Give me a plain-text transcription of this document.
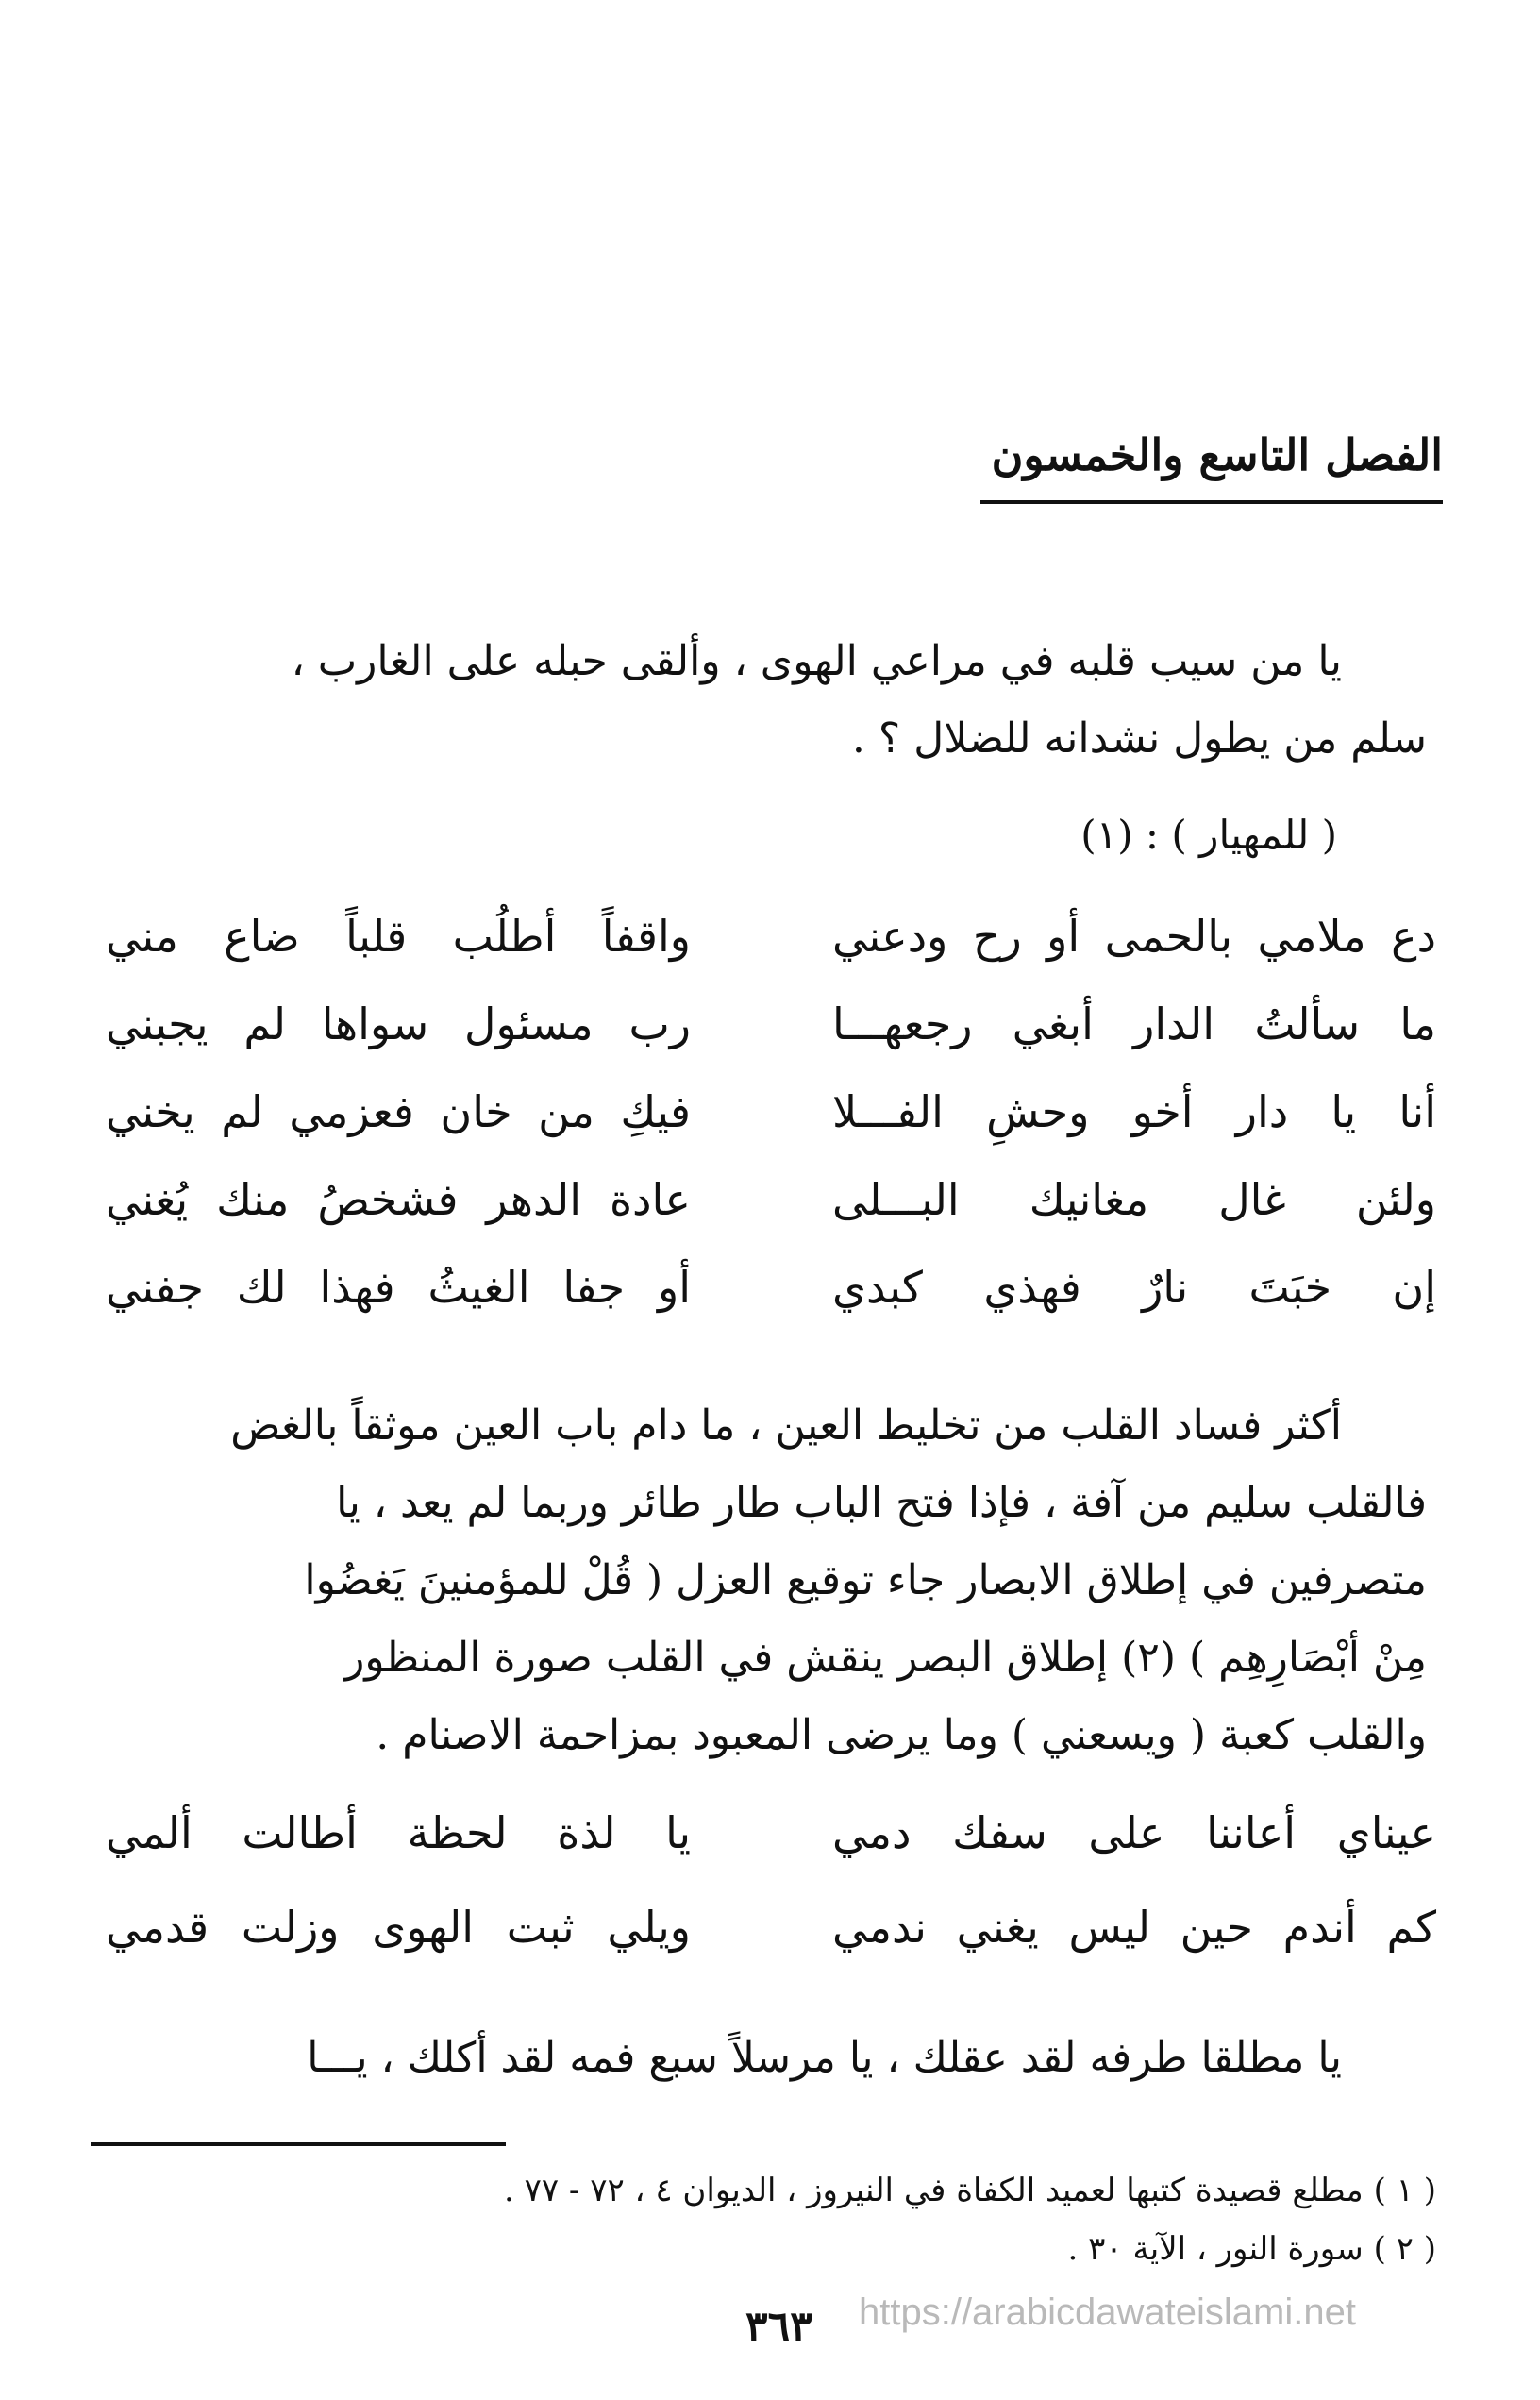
الفصل التاسع والخمسون
يا من سيب قلبه في مراعي الهوى ، وألقى حبله على الغارب ،
سلم من يطول نشدانه للضلال ؟ .
( للمهيار ) : (١)
دع ملامي بالحمى أو رح ودعني
واقفاً أطلُب قلباً ضاع مني
ما سألتُ الدار أبغي رجعهـــا
رب مسئول سواها لم يجبني
أنا يا دار أخو وحشِ الفـــلا
فيكِ من خان فعزمي لم يخني
ولئن غال مغانيك البـــلى
عادة الدهر فشخصُ منك يُغني
إن خبَتَ نارٌ فهذي كبدي
أو جفا الغيثُ فهذا لك جفني
أكثر فساد القلب من تخليط العين ، ما دام باب العين موثقاً بالغض
فالقلب سليم من آفة ، فإذا فتح الباب طار طائر وربما لم يعد ، يا
متصرفين في إطلاق الابصار جاء توقيع العزل ( قُلْ للمؤمنينَ يَغضُوا
مِنْ أبْصَارِهِم ) (٢) إطلاق البصر ينقش في القلب صورة المنظور
والقلب كعبة ( ويسعني ) وما يرضى المعبود بمزاحمة الاصنام .
عيناي أعاننا على سفك دمي
يا لذة لحظة أطالت ألمي
كم أندم حين ليس يغني ندمي
ويلي ثبت الهوى وزلت قدمي
يا مطلقا طرفه لقد عقلك ، يا مرسلاً سبع فمه لقد أكلك ، يـــا
( ١ ) مطلع قصيدة كتبها لعميد الكفاة في النيروز ، الديوان ٤ ، ٧٢ - ٧٧ .
( ٢ ) سورة النور ، الآية ٣٠ .
٣٦٣ https://arabicdawateislami.net
